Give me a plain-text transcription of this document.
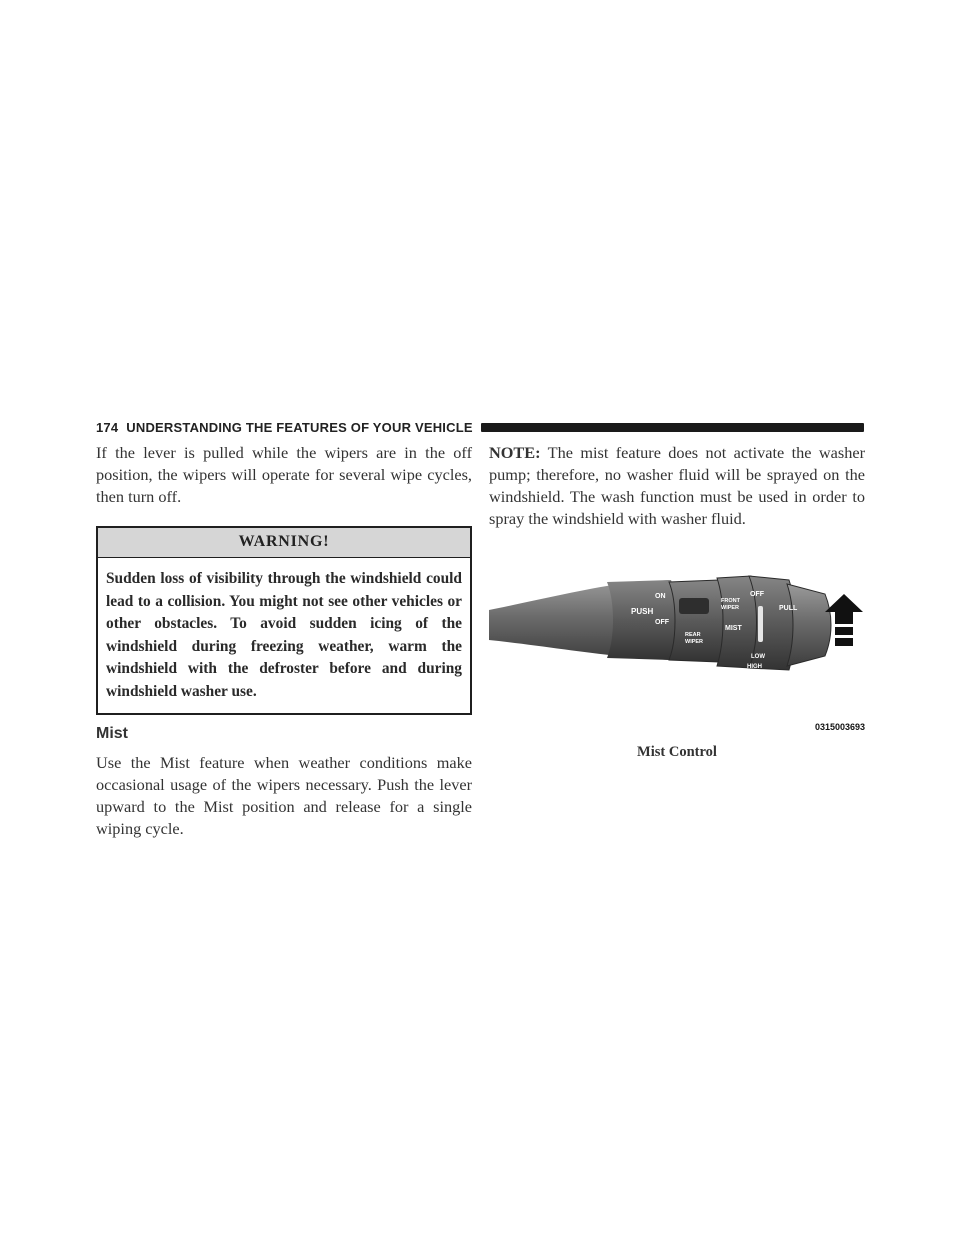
174 UNDERSTANDING THE FEATURES OF YOUR VEHICLE

If the lever is pulled while the wipers are in the off position, the wipers will operate for several wipe cycles, then turn off.

WARNING!
Sudden loss of visibility through the windshield could lead to a collision. You might not see other vehicles or other obstacles. To avoid sudden icing of the windshield during freezing weather, warm the windshield with the defroster before and during windshield washer use.
Mist

Use the Mist feature when weather conditions make occasional usage of the wipers necessary. Push the lever upward to the Mist position and release for a single wiping cycle.

NOTE: The mist feature does not activate the washer pump; therefore, no washer fluid will be sprayed on the windshield. The wash function must be used in order to spray the windshield with washer fluid.

PUSH
ON
OFF
REAR
WIPER
FRONT
WIPER
MIST
OFF
PULL
LOW
HIGH
0315003693
Mist Control
